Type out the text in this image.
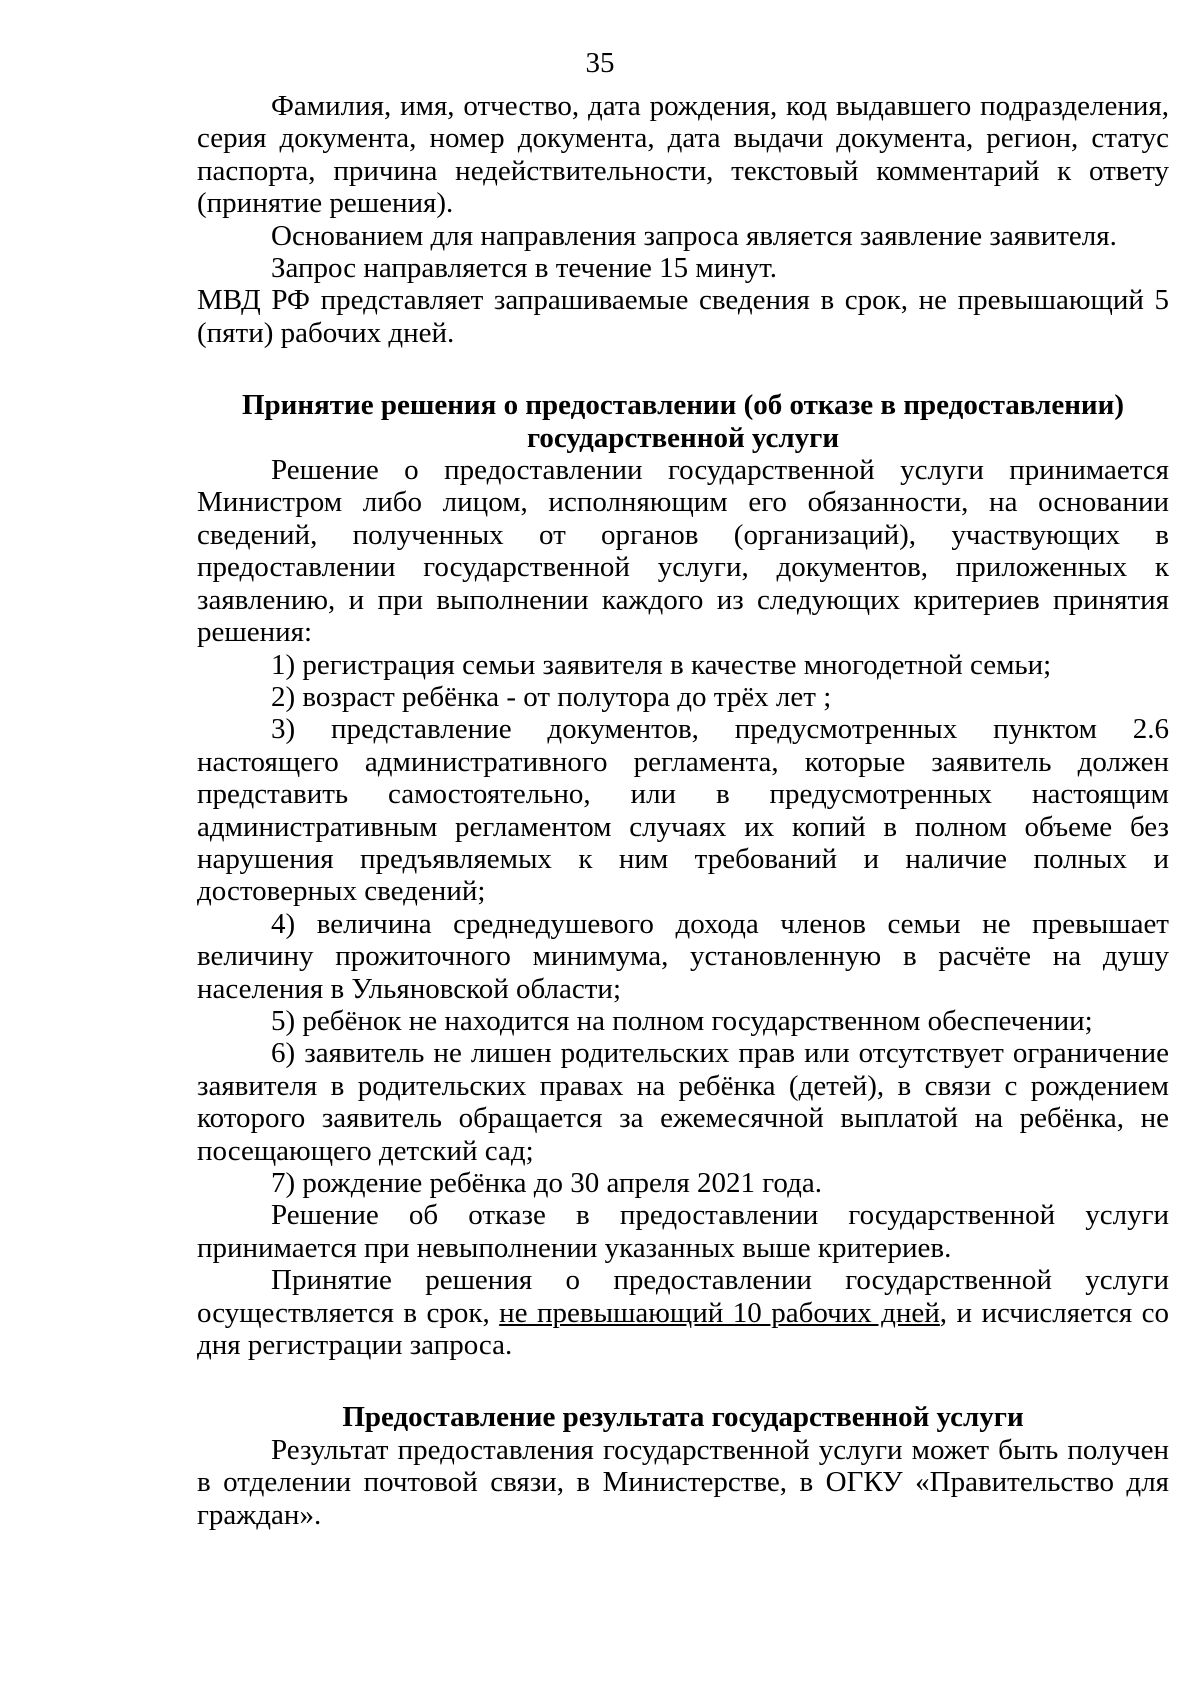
35

Фамилия, имя, отчество, дата рождения, код выдавшего подразделения, серия документа, номер документа, дата выдачи документа, регион, статус паспорта, причина недействительности, текстовый комментарий к ответу (принятие решения).

Основанием для направления запроса является заявление заявителя.

Запрос направляется в течение 15 минут.

МВД РФ представляет запрашиваемые сведения в срок, не превышающий 5 (пяти) рабочих дней.

Принятие решения о предоставлении (об отказе в предоставлении)
государственной услуги

Решение о предоставлении государственной услуги принимается Министром либо лицом, исполняющим его обязанности, на основании сведений, полученных от органов (организаций), участвующих в предоставлении государственной услуги, документов, приложенных к заявлению, и при выполнении каждого из следующих критериев принятия решения:

1) регистрация семьи заявителя в качестве многодетной семьи;

2) возраст ребёнка - от полутора до трёх лет ;

3) представление документов, предусмотренных пунктом 2.6 настоящего административного регламента, которые заявитель должен представить самостоятельно, или в предусмотренных настоящим административным регламентом случаях их копий в полном объеме без нарушения предъявляемых к ним требований и наличие полных и достоверных сведений;

4) величина среднедушевого дохода членов семьи не превышает величину прожиточного минимума, установленную в расчёте на душу населения в Ульяновской области;

5) ребёнок не находится на полном государственном обеспечении;

6) заявитель не лишен родительских прав или отсутствует ограничение заявителя в родительских правах на ребёнка (детей), в связи с рождением которого заявитель обращается за ежемесячной выплатой на ребёнка, не посещающего детский сад;

7) рождение ребёнка до 30 апреля 2021 года.

Решение об отказе в предоставлении государственной услуги принимается при невыполнении указанных выше критериев.

Принятие решения о предоставлении государственной услуги осуществляется в срок, не превышающий 10 рабочих дней, и исчисляется со дня регистрации запроса.

Предоставление результата государственной услуги

Результат предоставления государственной услуги может быть получен в отделении почтовой связи, в Министерстве, в ОГКУ «Правительство для граждан».
